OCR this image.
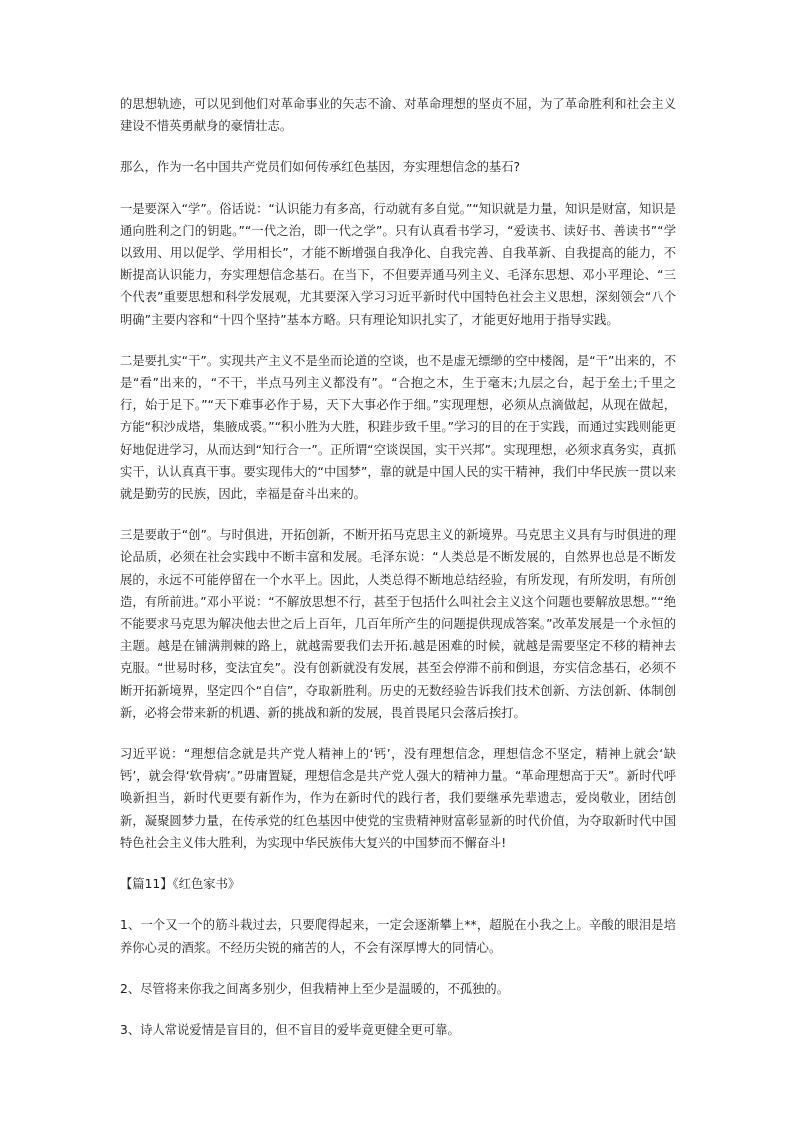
的思想轨迹，可以见到他们对革命事业的矢志不渝、对革命理想的坚贞不屈，为了革命胜利和社会主义建设不惜英勇献身的豪情壮志。

那么，作为一名中国共产党员们如何传承红色基因，夯实理想信念的基石?

一是要深入“学”。俗话说：“认识能力有多高，行动就有多自觉。”“知识就是力量，知识是财富，知识是通向胜利之门的钥匙。”“一代之治，即一代之学”。只有认真看书学习，“爱读书、读好书、善读书”“学以致用、用以促学、学用相长”，才能不断增强自我净化、自我完善、自我革新、自我提高的能力，不断提高认识能力，夯实理想信念基石。在当下，不但要弄通马列主义、毛泽东思想、邓小平理论、“三个代表”重要思想和科学发展观，尤其要深入学习习近平新时代中国特色社会主义思想，深刻领会“八个明确”主要内容和“十四个坚持”基本方略。只有理论知识扎实了，才能更好地用于指导实践。

二是要扎实“干”。实现共产主义不是坐而论道的空谈，也不是虚无缥缈的空中楼阁，是“干”出来的，不是“看”出来的，“不干，半点马列主义都没有”。“合抱之木，生于毫末;九层之台，起于垒土;千里之行，始于足下。”“天下难事必作于易，天下大事必作于细。”实现理想，必须从点滴做起，从现在做起，方能“积沙成塔，集腋成裘。”“积小胜为大胜，积跬步致千里。”学习的目的在于实践，而通过实践则能更好地促进学习，从而达到“知行合一”。正所谓“空谈误国，实干兴邦”。实现理想，必须求真务实，真抓实干，认认真真干事。要实现伟大的“中国梦”，靠的就是中国人民的实干精神，我们中华民族一贯以来就是勤劳的民族，因此，幸福是奋斗出来的。

三是要敢于“创”。与时俱进，开拓创新，不断开拓马克思主义的新境界。马克思主义具有与时俱进的理论品质，必须在社会实践中不断丰富和发展。毛泽东说：“人类总是不断发展的，自然界也总是不断发展的，永远不可能停留在一个水平上。因此，人类总得不断地总结经验，有所发现，有所发明，有所创造，有所前进。”邓小平说：“不解放思想不行，甚至于包括什么叫社会主义这个问题也要解放思想。”“绝不能要求马克思为解决他去世之后上百年，几百年所产生的问题提供现成答案。”改革发展是一个永恒的主题。越是在铺满荆棘的路上，就越需要我们去开拓.越是困难的时候，就越是需要坚定不移的精神去克服。“世易时移，变法宜矣”。没有创新就没有发展，甚至会停滞不前和倒退，夯实信念基石，必须不断开拓新境界，坚定四个“自信”，夺取新胜利。历史的无数经验告诉我们技术创新、方法创新、体制创新，必将会带来新的机遇、新的挑战和新的发展，畏首畏尾只会落后挨打。

习近平说：“理想信念就是共产党人精神上的‘钙’，没有理想信念，理想信念不坚定，精神上就会‘缺钙’，就会得‘软骨病’。”毋庸置疑，理想信念是共产党人强大的精神力量。“革命理想高于天”。新时代呼唤新担当，新时代更要有新作为，作为在新时代的践行者，我们要继承先辈遗志，爱岗敬业，团结创新，凝聚圆梦力量，在传承党的红色基因中使党的宝贵精神财富彰显新的时代价值，为夺取新时代中国特色社会主义伟大胜利，为实现中华民族伟大复兴的中国梦而不懈奋斗!

【篇11】《红色家书》

1、一个又一个的筋斗栽过去，只要爬得起来，一定会逐渐攀上**，超脱在小我之上。辛酸的眼泪是培养你心灵的酒浆。不经历尖锐的痛苦的人，不会有深厚博大的同情心。

2、尽管将来你我之间离多别少，但我精神上至少是温暖的，不孤独的。

3、诗人常说爱情是盲目的，但不盲目的爱毕竟更健全更可靠。
